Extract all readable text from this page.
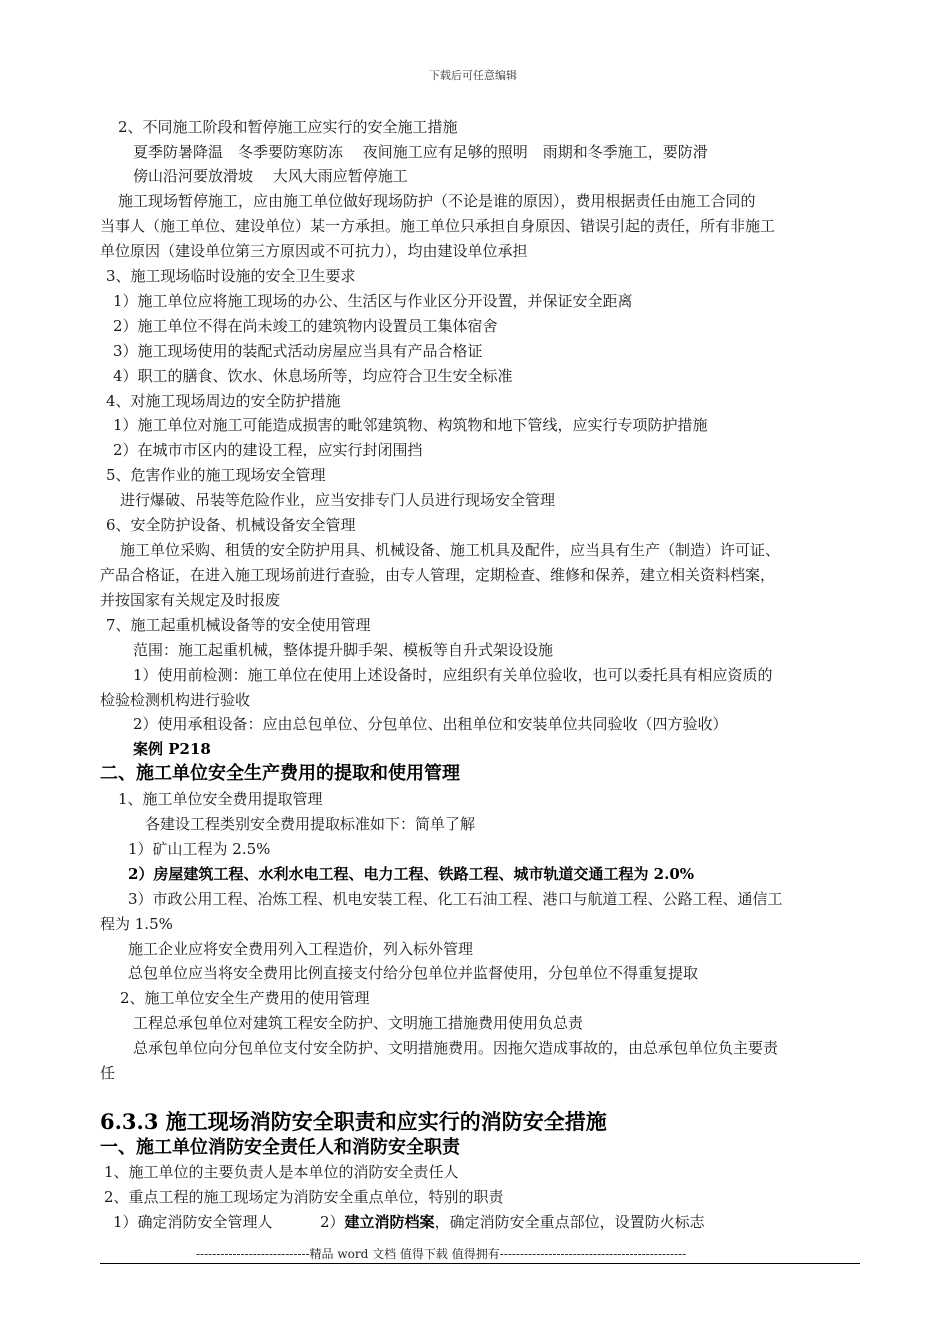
下载后可任意编辑
2、不同施工阶段和暂停施工应实行的安全施工措施
夏季防暑降温　冬季要防寒防冻　 夜间施工应有足够的照明　雨期和冬季施工，要防滑
傍山沿河要放滑坡　 大风大雨应暂停施工
施工现场暂停施工，应由施工单位做好现场防护（不论是谁的原因），费用根据责任由施工合同的
当事人（施工单位、建设单位）某一方承担。施工单位只承担自身原因、错误引起的责任，所有非施工
单位原因（建设单位第三方原因或不可抗力），均由建设单位承担
3、施工现场临时设施的安全卫生要求
1）施工单位应将施工现场的办公、生活区与作业区分开设置，并保证安全距离
2）施工单位不得在尚未竣工的建筑物内设置员工集体宿舍
3）施工现场使用的装配式活动房屋应当具有产品合格证
4）职工的膳食、饮水、休息场所等，均应符合卫生安全标准
4、对施工现场周边的安全防护措施
1）施工单位对施工可能造成损害的毗邻建筑物、构筑物和地下管线，应实行专项防护措施
2）在城市市区内的建设工程，应实行封闭围挡
5、危害作业的施工现场安全管理
进行爆破、吊装等危险作业，应当安排专门人员进行现场安全管理
6、安全防护设备、机械设备安全管理
施工单位采购、租赁的安全防护用具、机械设备、施工机具及配件，应当具有生产（制造）许可证、
产品合格证，在进入施工现场前进行查验，由专人管理，定期检查、维修和保养，建立相关资料档案，
并按国家有关规定及时报废
7、施工起重机械设备等的安全使用管理
范围：施工起重机械，整体提升脚手架、模板等自升式架设设施
1）使用前检测：施工单位在使用上述设备时，应组织有关单位验收，也可以委托具有相应资质的
检验检测机构进行验收
2）使用承租设备：应由总包单位、分包单位、出租单位和安装单位共同验收（四方验收）
案例 P218
二、施工单位安全生产费用的提取和使用管理
1、施工单位安全费用提取管理
各建设工程类别安全费用提取标准如下：简单了解
1）矿山工程为 2.5%
2）房屋建筑工程、水利水电工程、电力工程、铁路工程、城市轨道交通工程为 2.0%
3）市政公用工程、冶炼工程、机电安装工程、化工石油工程、港口与航道工程、公路工程、通信工
程为 1.5%
施工企业应将安全费用列入工程造价，列入标外管理
总包单位应当将安全费用比例直接支付给分包单位并监督使用，分包单位不得重复提取
2、施工单位安全生产费用的使用管理
工程总承包单位对建筑工程安全防护、文明施工措施费用使用负总责
总承包单位向分包单位支付安全防护、文明措施费用。因拖欠造成事故的，由总承包单位负主要责
任
6.3.3 施工现场消防安全职责和应实行的消防安全措施
一、施工单位消防安全责任人和消防安全职责
1、施工单位的主要负责人是本单位的消防安全责任人
2、重点工程的施工现场定为消防安全重点单位，特别的职责
1）确定消防安全管理人	2）建立消防档案，确定消防安全重点部位，设置防火标志
----------------------------精品 word 文档 值得下载 值得拥有----------------------------------------------
